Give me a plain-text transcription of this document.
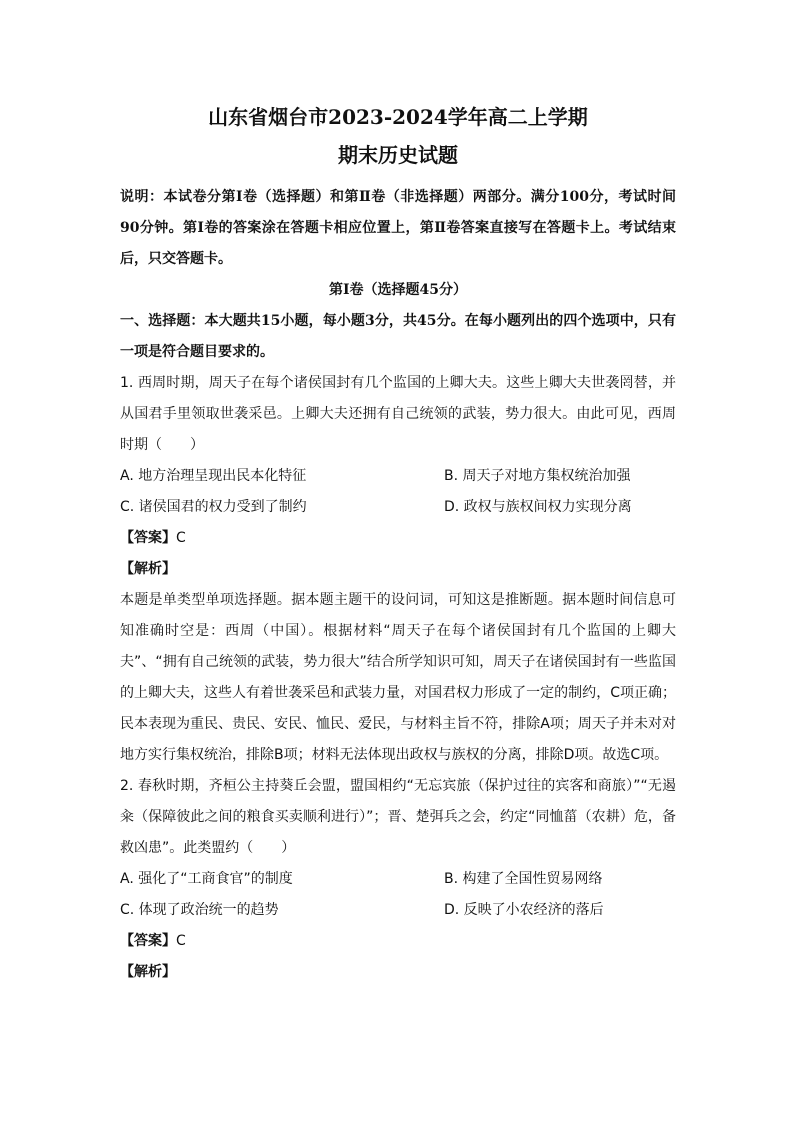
山东省烟台市2023-2024学年高二上学期

期末历史试题

说明：本试卷分第Ⅰ卷（选择题）和第Ⅱ卷（非选择题）两部分。满分100分，考试时间90分钟。第Ⅰ卷的答案涂在答题卡相应位置上，第Ⅱ卷答案直接写在答题卡上。考试结束后，只交答题卡。

第Ⅰ卷（选择题45分）

一、选择题：本大题共15小题，每小题3分，共45分。在每小题列出的四个选项中，只有一项是符合题目要求的。

1. 西周时期，周天子在每个诸侯国封有几个监国的上卿大夫。这些上卿大夫世袭罔替，并从国君手里领取世袭采邑。上卿大夫还拥有自己统领的武装，势力很大。由此可见，西周时期（　　）

A. 地方治理呈现出民本化特征	B. 周天子对地方集权统治加强
C. 诸侯国君的权力受到了制约	D. 政权与族权间权力实现分离

【答案】C

【解析】

本题是单类型单项选择题。据本题主题干的设问词，可知这是推断题。据本题时间信息可知准确时空是：西周（中国）。根据材料“周天子在每个诸侯国封有几个监国的上卿大夫”、“拥有自己统领的武装，势力很大”结合所学知识可知，周天子在诸侯国封有一些监国的上卿大夫，这些人有着世袭采邑和武装力量，对国君权力形成了一定的制约，C项正确；民本表现为重民、贵民、安民、恤民、爱民，与材料主旨不符，排除A项；周天子并未对对地方实行集权统治，排除B项；材料无法体现出政权与族权的分离，排除D项。故选C项。

2. 春秋时期，齐桓公主持葵丘会盟，盟国相约“无忘宾旅（保护过往的宾客和商旅）”“无遏籴（保障彼此之间的粮食买卖顺利进行）”；晋、楚弭兵之会，约定“同恤菑（农耕）危，备救凶患”。此类盟约（　　）

A. 强化了“工商食官”的制度	B. 构建了全国性贸易网络
C. 体现了政治统一的趋势	D. 反映了小农经济的落后

【答案】C

【解析】
